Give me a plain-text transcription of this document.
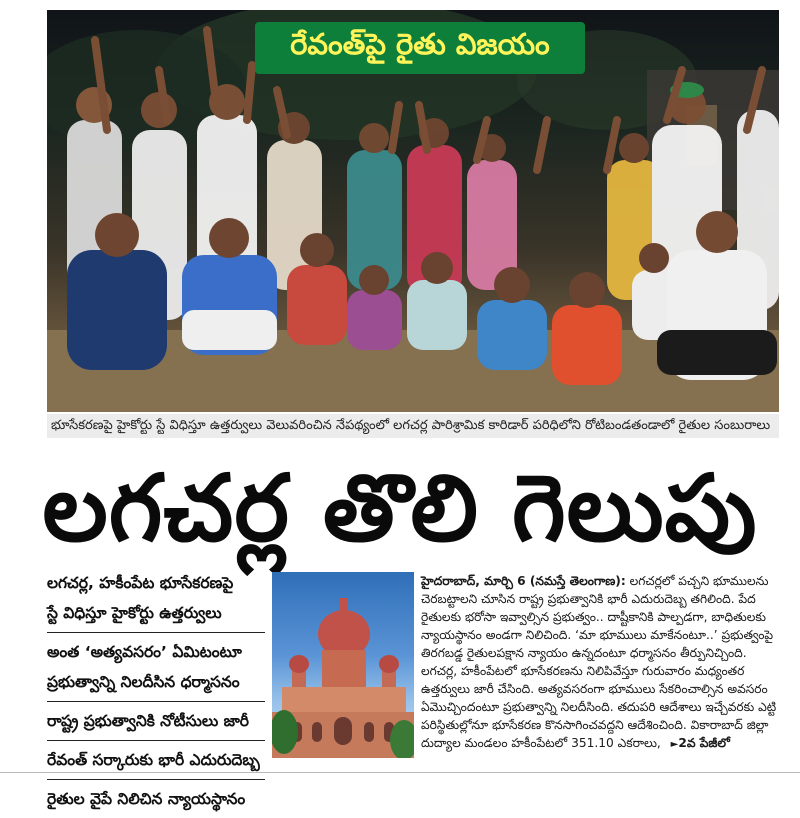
రేవంత్‌పై రైతు విజయం
భూసేకరణపై హైకోర్టు స్టే విధిస్తూ ఉత్తర్వులు వెలువరించిన నేపథ్యంలో లగచర్ల పారిశ్రామిక కారిడార్ పరిధిలోని రోటిబండతండాలో రైతుల సంబురాలు
లగచర్ల తొలి గెలుపు
లగచర్ల, హకీంపేట భూసేకరణపై
స్టే విధిస్తూ హైకోర్టు ఉత్తర్వులు
అంత ‘అత్యవసరం’ ఏమిటంటూ
ప్రభుత్వాన్ని నిలదీసిన ధర్మాసనం
రాష్ట్ర ప్రభుత్వానికి నోటీసులు జారీ
రేవంత్ సర్కారుకు భారీ ఎదురుదెబ్బ
రైతుల వైపే నిలిచిన న్యాయస్థానం

హైదరాబాద్, మార్చి 6 (నమస్తే తెలంగాణ): లగచర్లలో పచ్చని భూములను చెరబట్టాలని చూసిన రాష్ట్ర ప్రభుత్వానికి భారీ ఎదురుదెబ్బ తగిలింది. పేద రైతులకు భరోసా ఇవ్వాల్సిన ప్రభుత్వం.. దాష్టీకానికి పాల్పడగా, బాధితులకు న్యాయస్థానం అండగా నిలిచింది. ‘మా భూములు మాకేనంటూ..’ ప్రభుత్వంపై తిరగబడ్డ రైతులపక్షాన న్యాయం ఉన్నదంటూ ధర్మాసనం తీర్పునిచ్చింది. లగచర్ల, హకీంపేటలో భూసేకరణను నిలిపివేస్తూ గురువారం మధ్యంతర ఉత్తర్వులు జారీ చేసింది. అత్యవసరంగా భూములు సేకరించాల్సిన అవసరం ఏమొచ్చిందంటూ ప్రభుత్వాన్ని నిలదీసింది. తదుపరి ఆదేశాలు ఇచ్చేవరకు ఎట్టి పరిస్థితుల్లోనూ భూసేకరణ కొనసాగించవద్దని ఆదేశించింది. వికారాబాద్ జిల్లా దుద్యాల మండలం హకీంపేటలో 351.10 ఎకరాలు, ►2వ పేజీలో
